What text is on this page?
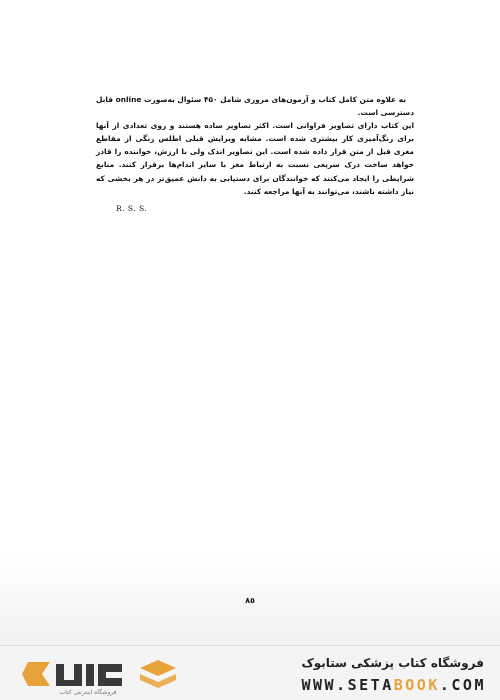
به علاوه متن کامل کتاب و آزمون‌های مروری شامل ۴۵۰ سئوال به‌صورت online قابل دسترسی است.

این کتاب دارای تصاویر فراوانی است. اکثر تصاویر ساده هستند و روی تعدادی از آنها برای رنگ‌آمیزی کار بیشتری شده است. مشابه ویرایش قبلی اطلس رنگی از مقاطع مغزی قبل از متن قرار داده شده است. این تصاویر اندک ولی با ارزش، خواننده را قادر خواهد ساخت درک سریعی نسبت به ارتباط مغز با سایر اندام‌ها برقرار کنند. منابع شرایطی را ایجاد می‌کنند که خوانندگان برای دستیابی به دانش عمیق‌تر در هر بخشی که نیاز داشته باشند، می‌توانند به آنها مراجعه کنند.

R. S. S.
۸٥
فروشگاه اینترنتی کتاب
فروشگاه کتاب پزشکی ستابوک
WWW.SETABOOK.COM
